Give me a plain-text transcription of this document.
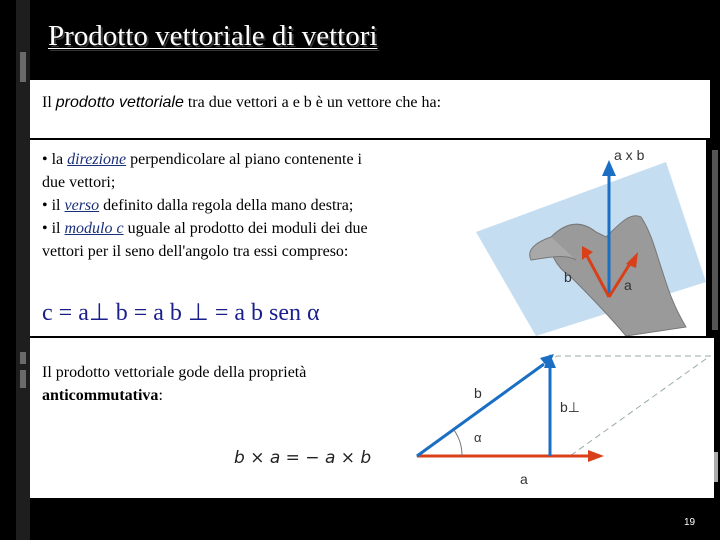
Prodotto vettoriale di vettori
Il prodotto vettoriale tra due vettori a e b è un vettore che ha:
• la direzione perpendicolare al piano contenente i
due vettori;
• il verso definito dalla regola della mano destra;
• il modulo c uguale al prodotto dei moduli dei due
vettori per il seno dell'angolo tra essi compreso:
c = a⊥ b = a b ⊥ = a b sen α
a x b
b	a
Il prodotto vettoriale gode della proprietà
anticommutativa:	b
b⊥
α
a
b × a = − a × b
19
